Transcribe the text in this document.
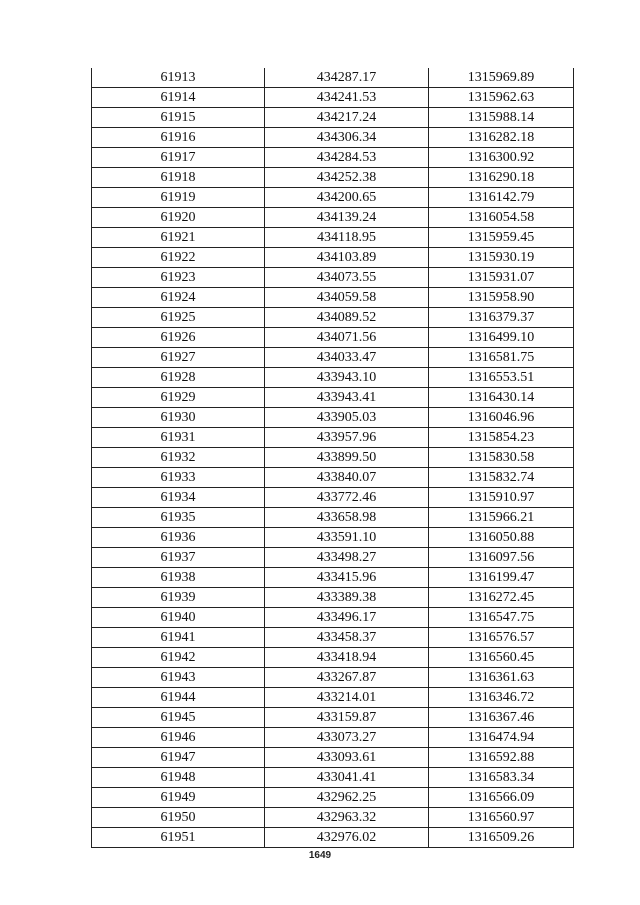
61913	434287.17	1315969.89
61914	434241.53	1315962.63
61915	434217.24	1315988.14
61916	434306.34	1316282.18
61917	434284.53	1316300.92
61918	434252.38	1316290.18
61919	434200.65	1316142.79
61920	434139.24	1316054.58
61921	434118.95	1315959.45
61922	434103.89	1315930.19
61923	434073.55	1315931.07
61924	434059.58	1315958.90
61925	434089.52	1316379.37
61926	434071.56	1316499.10
61927	434033.47	1316581.75
61928	433943.10	1316553.51
61929	433943.41	1316430.14
61930	433905.03	1316046.96
61931	433957.96	1315854.23
61932	433899.50	1315830.58
61933	433840.07	1315832.74
61934	433772.46	1315910.97
61935	433658.98	1315966.21
61936	433591.10	1316050.88
61937	433498.27	1316097.56
61938	433415.96	1316199.47
61939	433389.38	1316272.45
61940	433496.17	1316547.75
61941	433458.37	1316576.57
61942	433418.94	1316560.45
61943	433267.87	1316361.63
61944	433214.01	1316346.72
61945	433159.87	1316367.46
61946	433073.27	1316474.94
61947	433093.61	1316592.88
61948	433041.41	1316583.34
61949	432962.25	1316566.09
61950	432963.32	1316560.97
61951	432976.02	1316509.26
1649
